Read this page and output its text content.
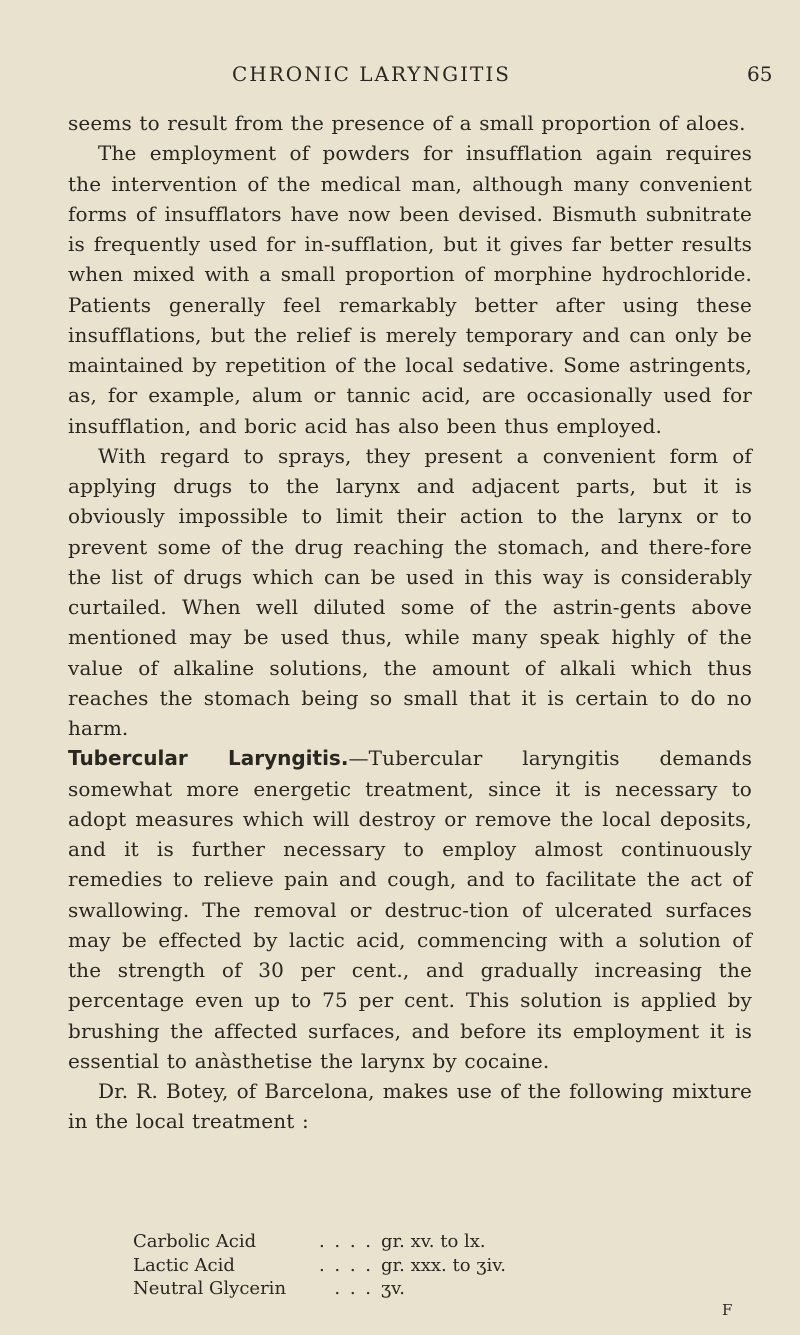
CHRONIC LARYNGITIS	65

seems to result from the presence of a small proportion of aloes.

The employment of powders for insufflation again requires the intervention of the medical man, although many convenient forms of insufflators have now been devised. Bismuth subnitrate is frequently used for in-sufflation, but it gives far better results when mixed with a small proportion of morphine hydrochloride. Patients generally feel remarkably better after using these insufflations, but the relief is merely temporary and can only be maintained by repetition of the local sedative. Some astringents, as, for example, alum or tannic acid, are occasionally used for insufflation, and boric acid has also been thus employed.

With regard to sprays, they present a convenient form of applying drugs to the larynx and adjacent parts, but it is obviously impossible to limit their action to the larynx or to prevent some of the drug reaching the stomach, and there-fore the list of drugs which can be used in this way is considerably curtailed. When well diluted some of the astrin-gents above mentioned may be used thus, while many speak highly of the value of alkaline solutions, the amount of alkali which thus reaches the stomach being so small that it is certain to do no harm.

Tubercular Laryngitis.—Tubercular laryngitis demands somewhat more energetic treatment, since it is necessary to adopt measures which will destroy or remove the local deposits, and it is further necessary to employ almost continuously remedies to relieve pain and cough, and to facilitate the act of swallowing. The removal or destruc-tion of ulcerated surfaces may be effected by lactic acid, commencing with a solution of the strength of 30 per cent., and gradually increasing the percentage even up to 75 per cent. This solution is applied by brushing the affected surfaces, and before its employment it is essential to anàsthetise the larynx by cocaine.

Dr. R. Botey, of Barcelona, makes use of the following mixture in the local treatment :

Carbolic Acid	. . . . gr. xv. to lx.
Lactic Acid	. . . . gr. xxx. to ʒiv.
Neutral Glycerin	. . . ʒv.
F
